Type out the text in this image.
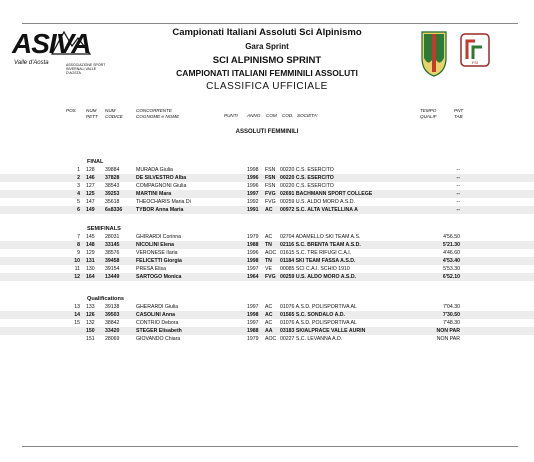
ASIVA
Valle d'Aosta	ASSOCIAZIONE SPORT INVERNALI VALLE D'AOSTA
FSI
Campionati Italiani Assoluti Sci Alpinismo
Gara Sprint
SCI ALPINISMO SPRINT
CAMPIONATI ITALIANI FEMMINILI ASSOLUTI
CLASSIFICA UFFICIALE
POS NUM
PETT
NUM
CODICE
CONCORRENTE
COGNOME e NOME	PUNTI ANNO COM COD. SOCIETA'
TEMPO
QUALIF
PNT
TAB
ASSOLUTI FEMMINILI
FINAL
1 128 39884	MURADA Giulia	1998 FSN 00220 C.S. ESERCITO	--
2 146 37828	DE SILVESTRO Alba	1996 FSN 00220 C.S. ESERCITO	--
3 127 38543	COMPAGNONI Giulia	1996 FSN 00220 C.S. ESERCITO	--
4 125 39253	MARTINI Mara	1997 FVG 02691 BACHMANN SPORT COLLEGE	--
5 147 35618	THEOCHARIS Maria Di	1992 FVG 00259 U.S. ALDO MORO A.S.D.	--
6 149 6s8336	TYBOR Anna Maria	1991 AC 00972 S.C. ALTA VALTELLINA A	--
SEMIFINALS
7 145 28031	GHIRARDI Corinna	1979 AC 02704 ADAMELLO SKI TEAM A.S.	4'56.50
8 148 33145	NICOLINI Elena	1988 TN 02116 S.C. BRENTA TEAM A.S.D.	5'21.30
9 129 38576	VERONESE Ilaria	1996 AOC 01615 S.C. TRE RIFUGI C.A.I.	4'46.60
10 131 39458	FELICETTI Giorgia	1998 TN 01184 SKI TEAM FASSA A.S.D.	4'53.40
11 130 39154	PRESA Elisa	1997 VE 00085 SCI C.A.I. SCHIO 1910	5'53.30
12 164 13449	SARTOGO Monica	1964 FVG 00259 U.S. ALDO MORO A.S.D.	6'52.10
Qualifications
13 133 39138	GHERARDI Giulia	1997 AC 01076 A.S.D. POLISPORTIVA AL	7'04.30
14 126 39503	CASOLINI Anna	1998 AC 01565 S.C. SONDALO A.D.	7'30.50
15 132 38842	CONTRIO Debora	1997 AC 01076 A.S.D. POLISPORTIVA AL	7'48.30
150 33420	STEGER Elisabeth	1988 AA 03183 SKIALPRACE VALLE AURIN	NON PAR
151 28069	GIOVANDO Chiara	1979 AOC 00227 S.C. LEVANNA A.D.	NON PAR
